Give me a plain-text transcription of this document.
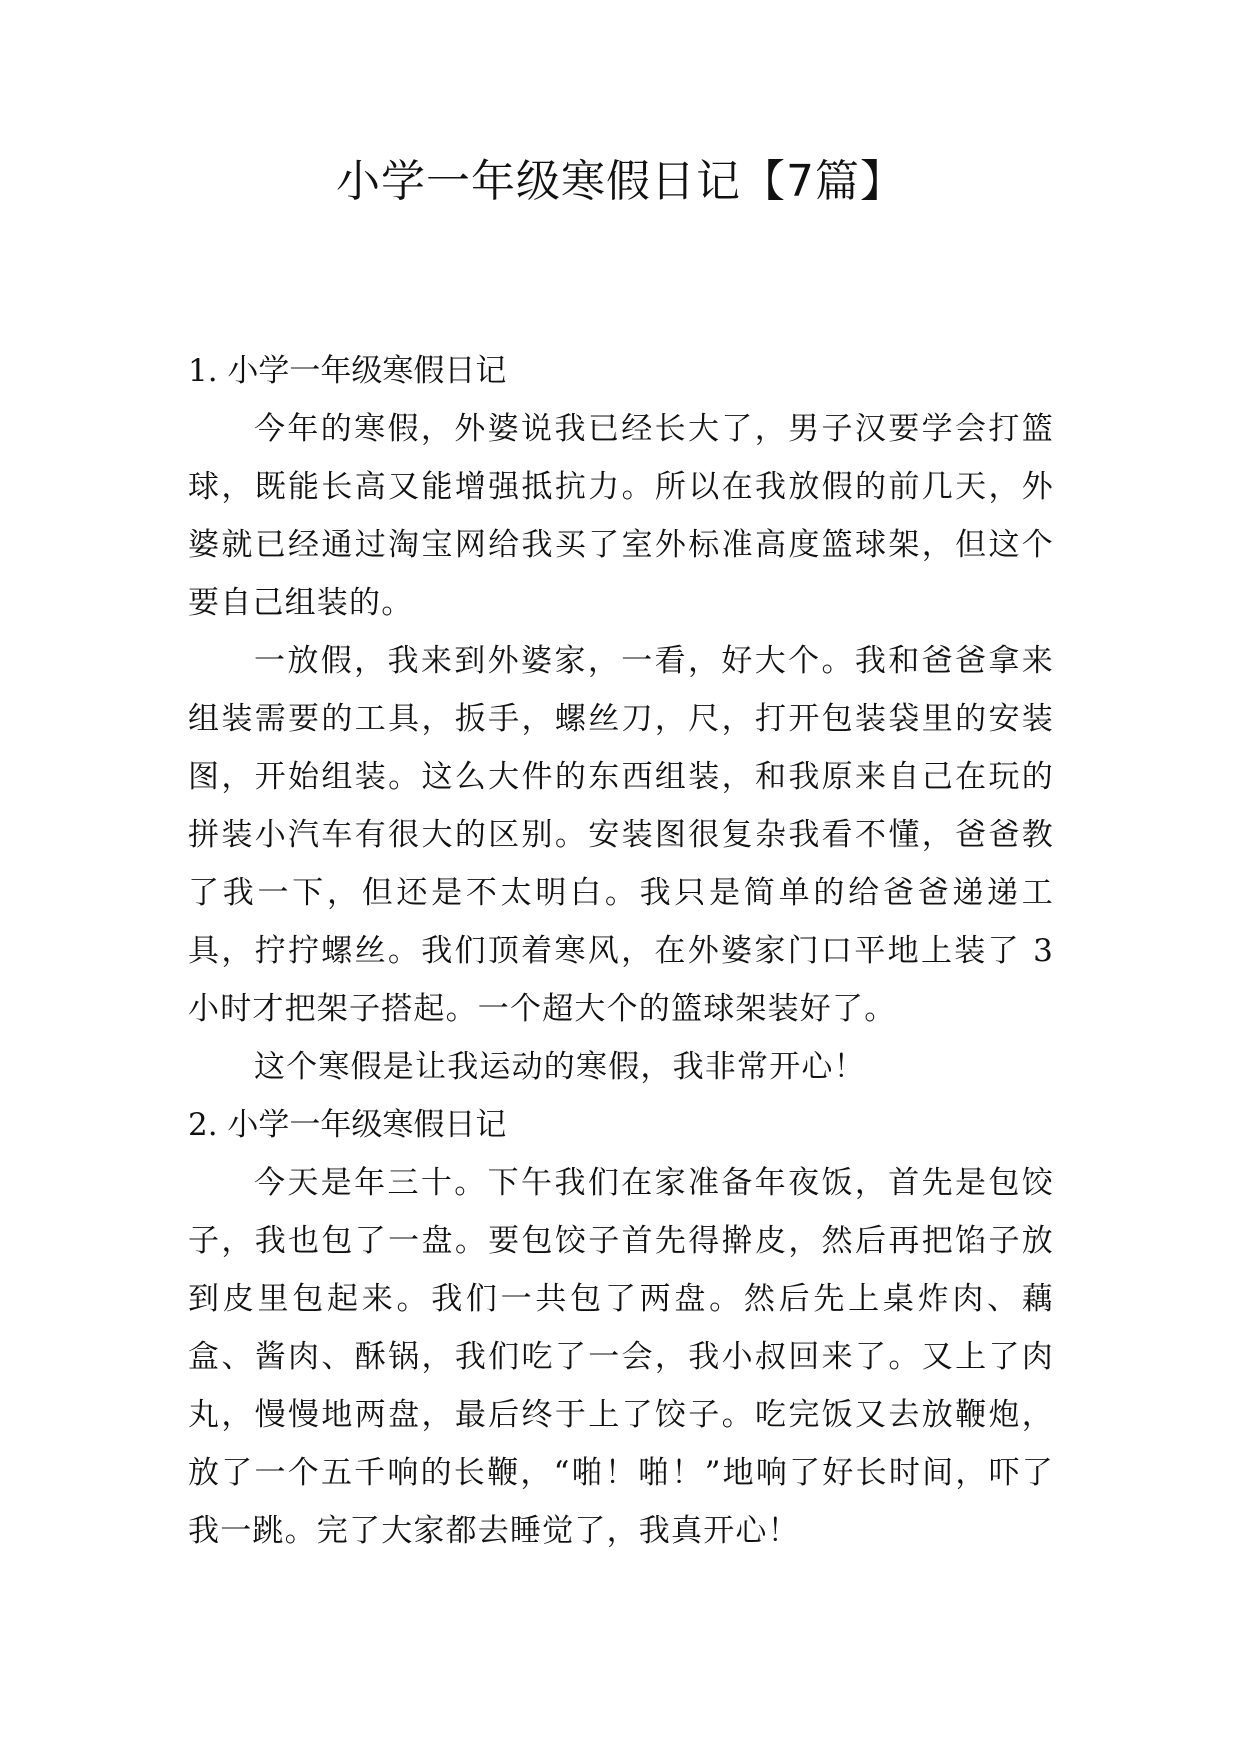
小学一年级寒假日记【7篇】
1. 小学一年级寒假日记

今年的寒假，外婆说我已经长大了，男子汉要学会打篮球，既能长高又能增强抵抗力。所以在我放假的前几天，外婆就已经通过淘宝网给我买了室外标准高度篮球架，但这个要自己组装的。

一放假，我来到外婆家，一看，好大个。我和爸爸拿来组装需要的工具，扳手，螺丝刀，尺，打开包装袋里的安装图，开始组装。这么大件的东西组装，和我原来自己在玩的拼装小汽车有很大的区别。安装图很复杂我看不懂，爸爸教了我一下，但还是不太明白。我只是简单的给爸爸递递工具，拧拧螺丝。我们顶着寒风，在外婆家门口平地上装了 3 小时才把架子搭起。一个超大个的篮球架装好了。

这个寒假是让我运动的寒假，我非常开心！

2. 小学一年级寒假日记

今天是年三十。下午我们在家准备年夜饭，首先是包饺子，我也包了一盘。要包饺子首先得擀皮，然后再把馅子放到皮里包起来。我们一共包了两盘。然后先上桌炸肉、藕盒、酱肉、酥锅，我们吃了一会，我小叔回来了。又上了肉丸，慢慢地两盘，最后终于上了饺子。吃完饭又去放鞭炮，放了一个五千响的长鞭，“啪！啪！”地响了好长时间，吓了我一跳。完了大家都去睡觉了，我真开心！
